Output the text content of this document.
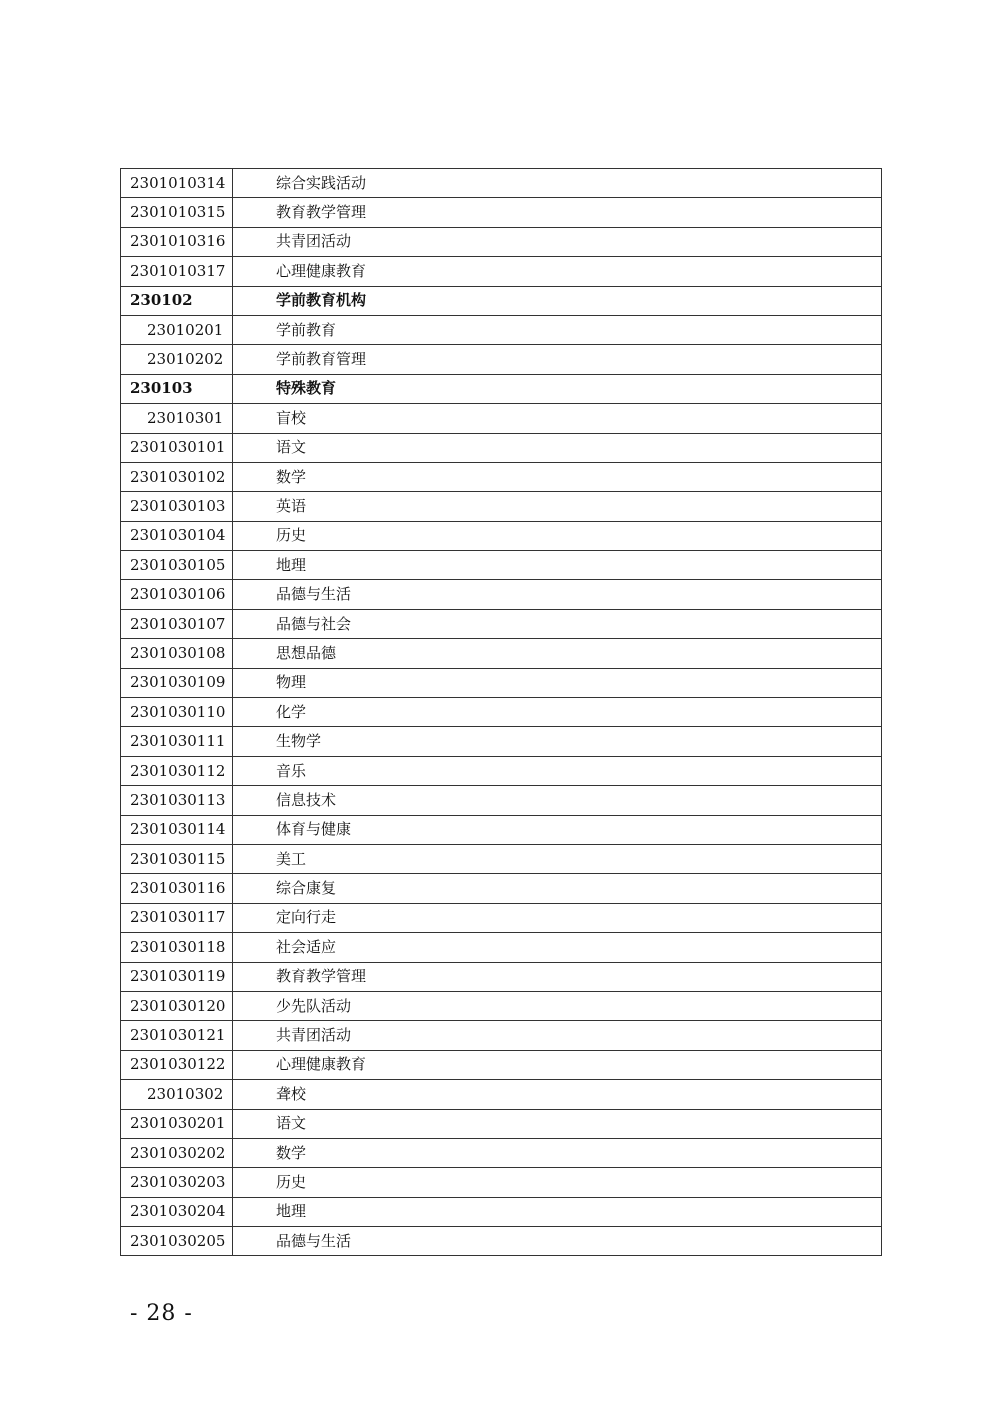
2301010314	综合实践活动
2301010315	教育教学管理
2301010316	共青团活动
2301010317	心理健康教育
230102	学前教育机构
23010201	学前教育
23010202	学前教育管理
230103	特殊教育
23010301	盲校
2301030101	语文
2301030102	数学
2301030103	英语
2301030104	历史
2301030105	地理
2301030106	品德与生活
2301030107	品德与社会
2301030108	思想品德
2301030109	物理
2301030110	化学
2301030111	生物学
2301030112	音乐
2301030113	信息技术
2301030114	体育与健康
2301030115	美工
2301030116	综合康复
2301030117	定向行走
2301030118	社会适应
2301030119	教育教学管理
2301030120	少先队活动
2301030121	共青团活动
2301030122	心理健康教育
23010302	聋校
2301030201	语文
2301030202	数学
2301030203	历史
2301030204	地理
2301030205	品德与生活
- 28 -
